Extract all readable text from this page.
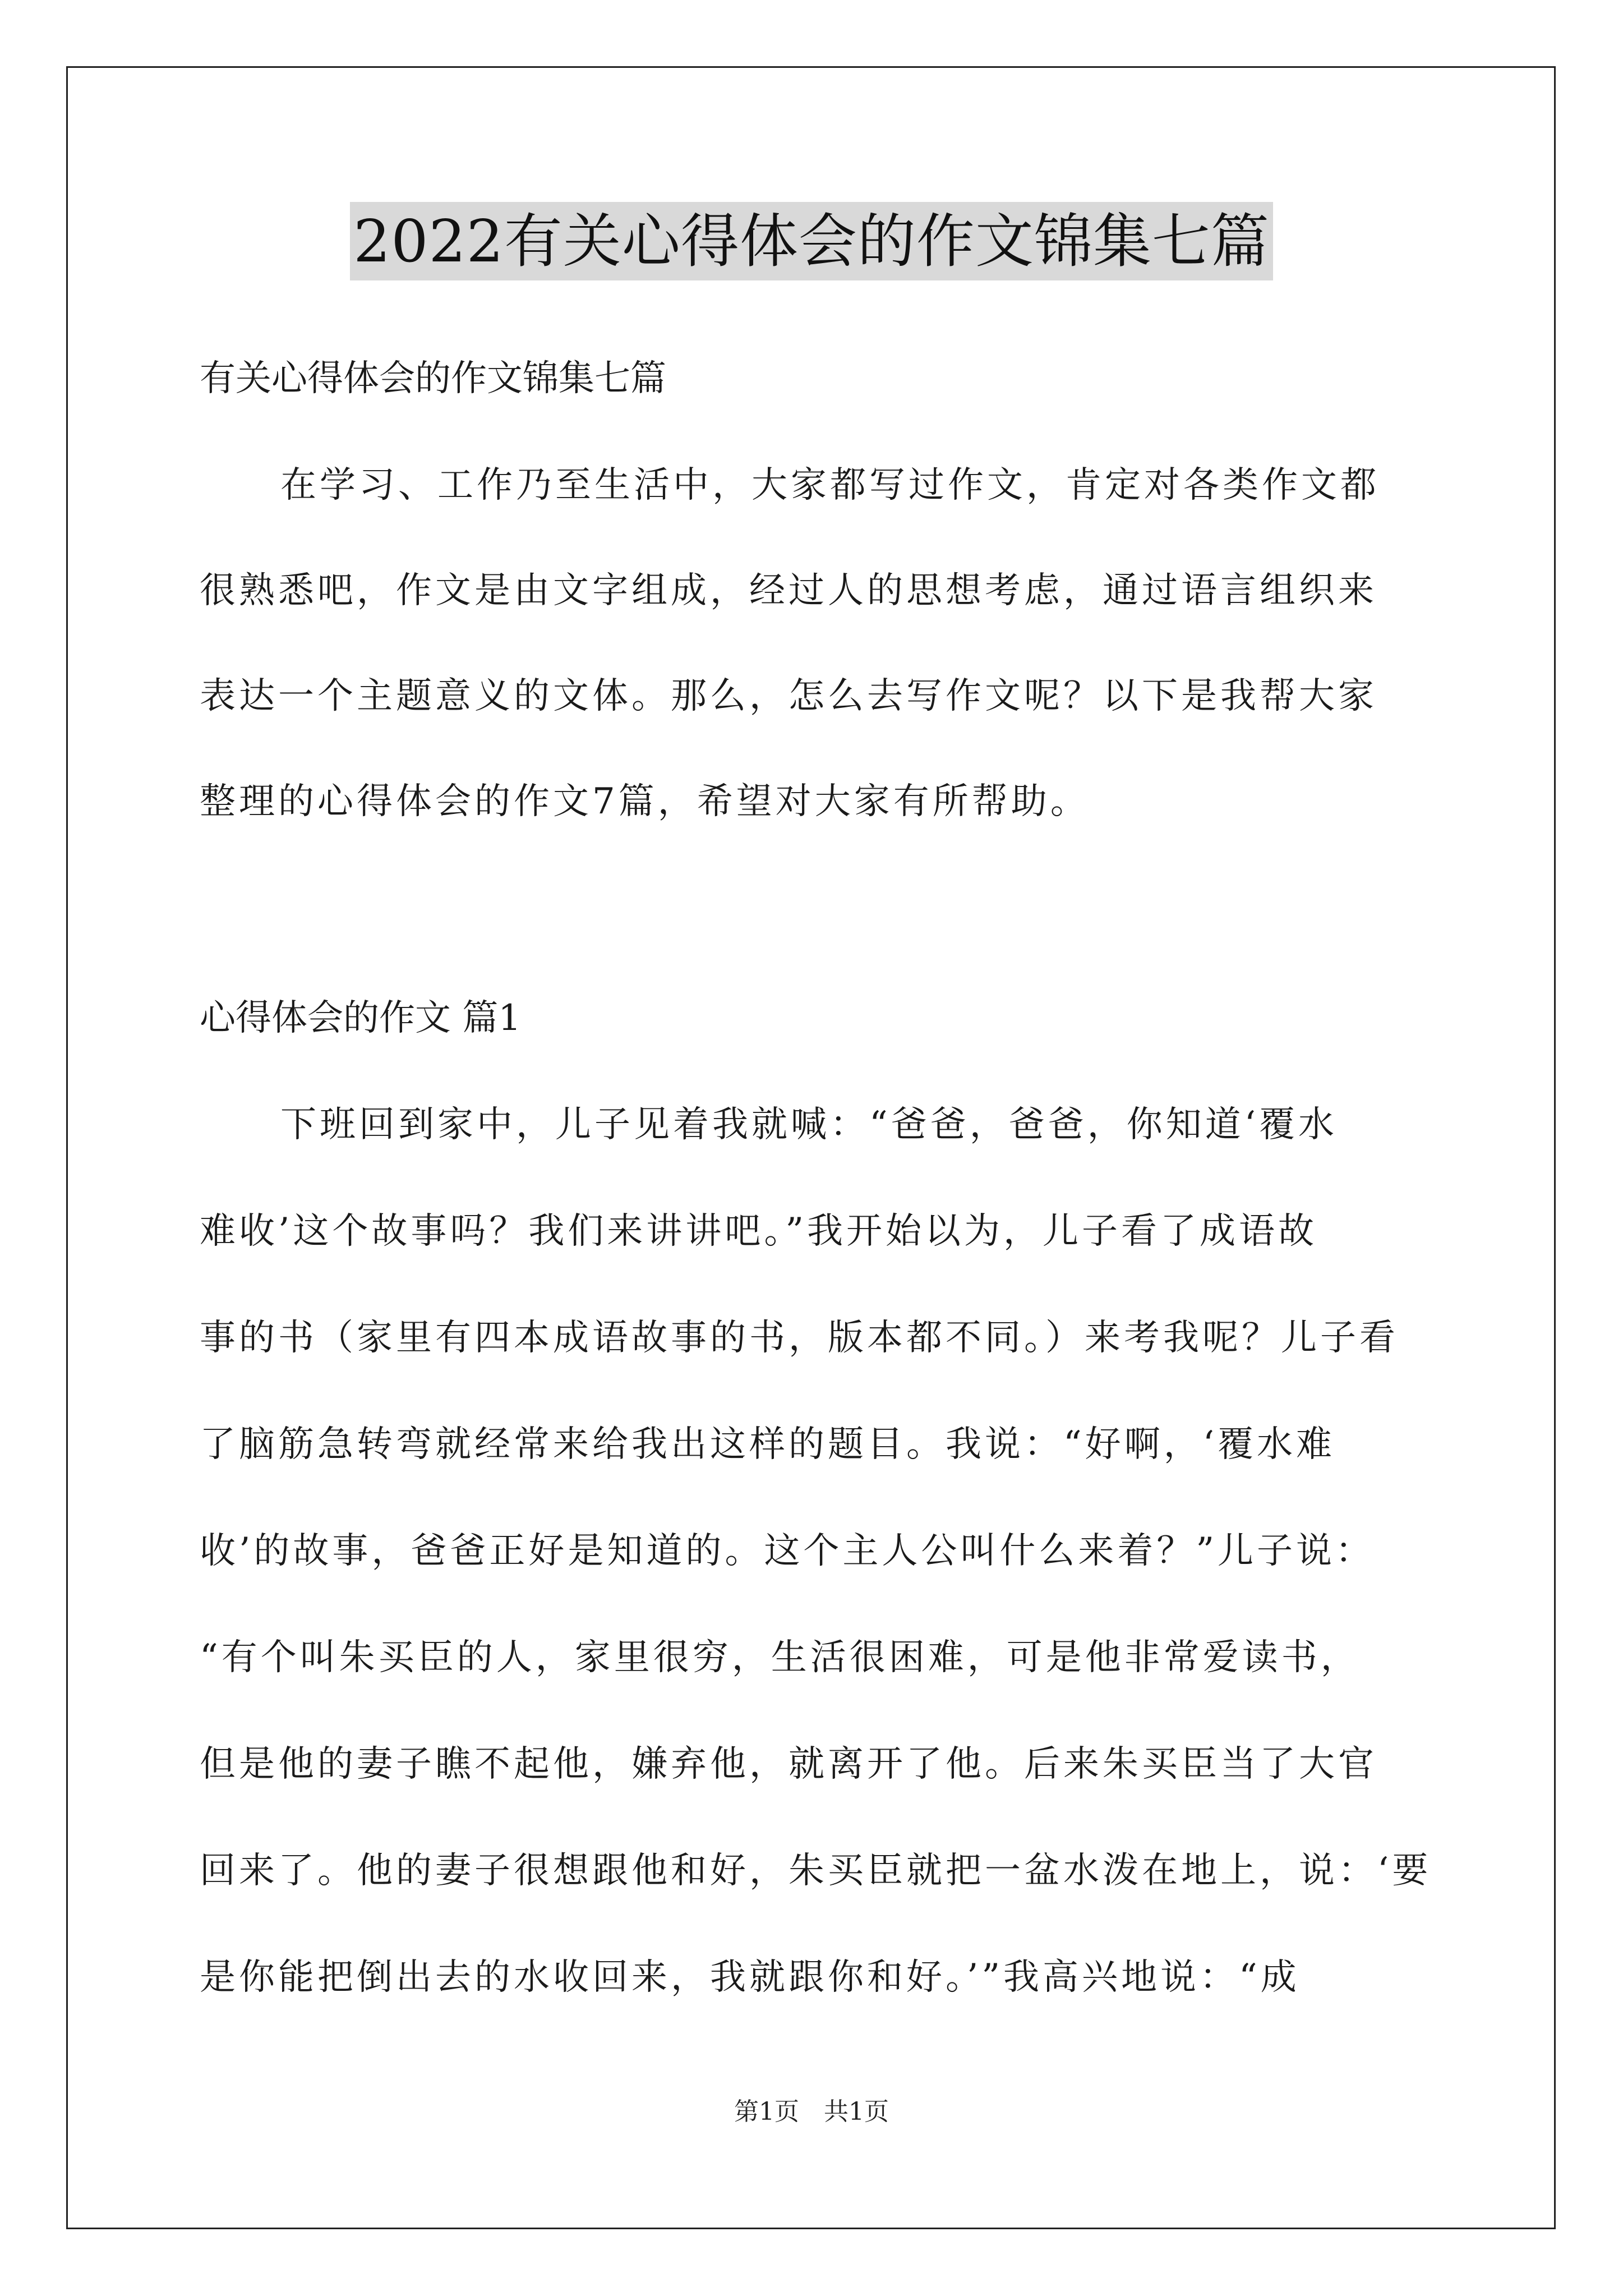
2022有关心得体会的作文锦集七篇
有关心得体会的作文锦集七篇
在学习、工作乃至生活中，大家都写过作文，肯定对各类作文都
很熟悉吧，作文是由文字组成，经过人的思想考虑，通过语言组织来
表达一个主题意义的文体。那么，怎么去写作文呢？以下是我帮大家
整理的心得体会的作文7篇，希望对大家有所帮助。
心得体会的作文 篇1
下班回到家中，儿子见着我就喊：“爸爸，爸爸，你知道‘覆水
难收’这个故事吗？我们来讲讲吧。”我开始以为，儿子看了成语故
事的书（家里有四本成语故事的书，版本都不同。）来考我呢？儿子看
了脑筋急转弯就经常来给我出这样的题目。我说：“好啊，‘覆水难
收’的故事，爸爸正好是知道的。这个主人公叫什么来着？”儿子说：
“有个叫朱买臣的人，家里很穷，生活很困难，可是他非常爱读书，
但是他的妻子瞧不起他，嫌弃他，就离开了他。后来朱买臣当了大官
回来了。他的妻子很想跟他和好，朱买臣就把一盆水泼在地上，说：‘要
是你能把倒出去的水收回来，我就跟你和好。’”我高兴地说：“成
第1页　共1页
